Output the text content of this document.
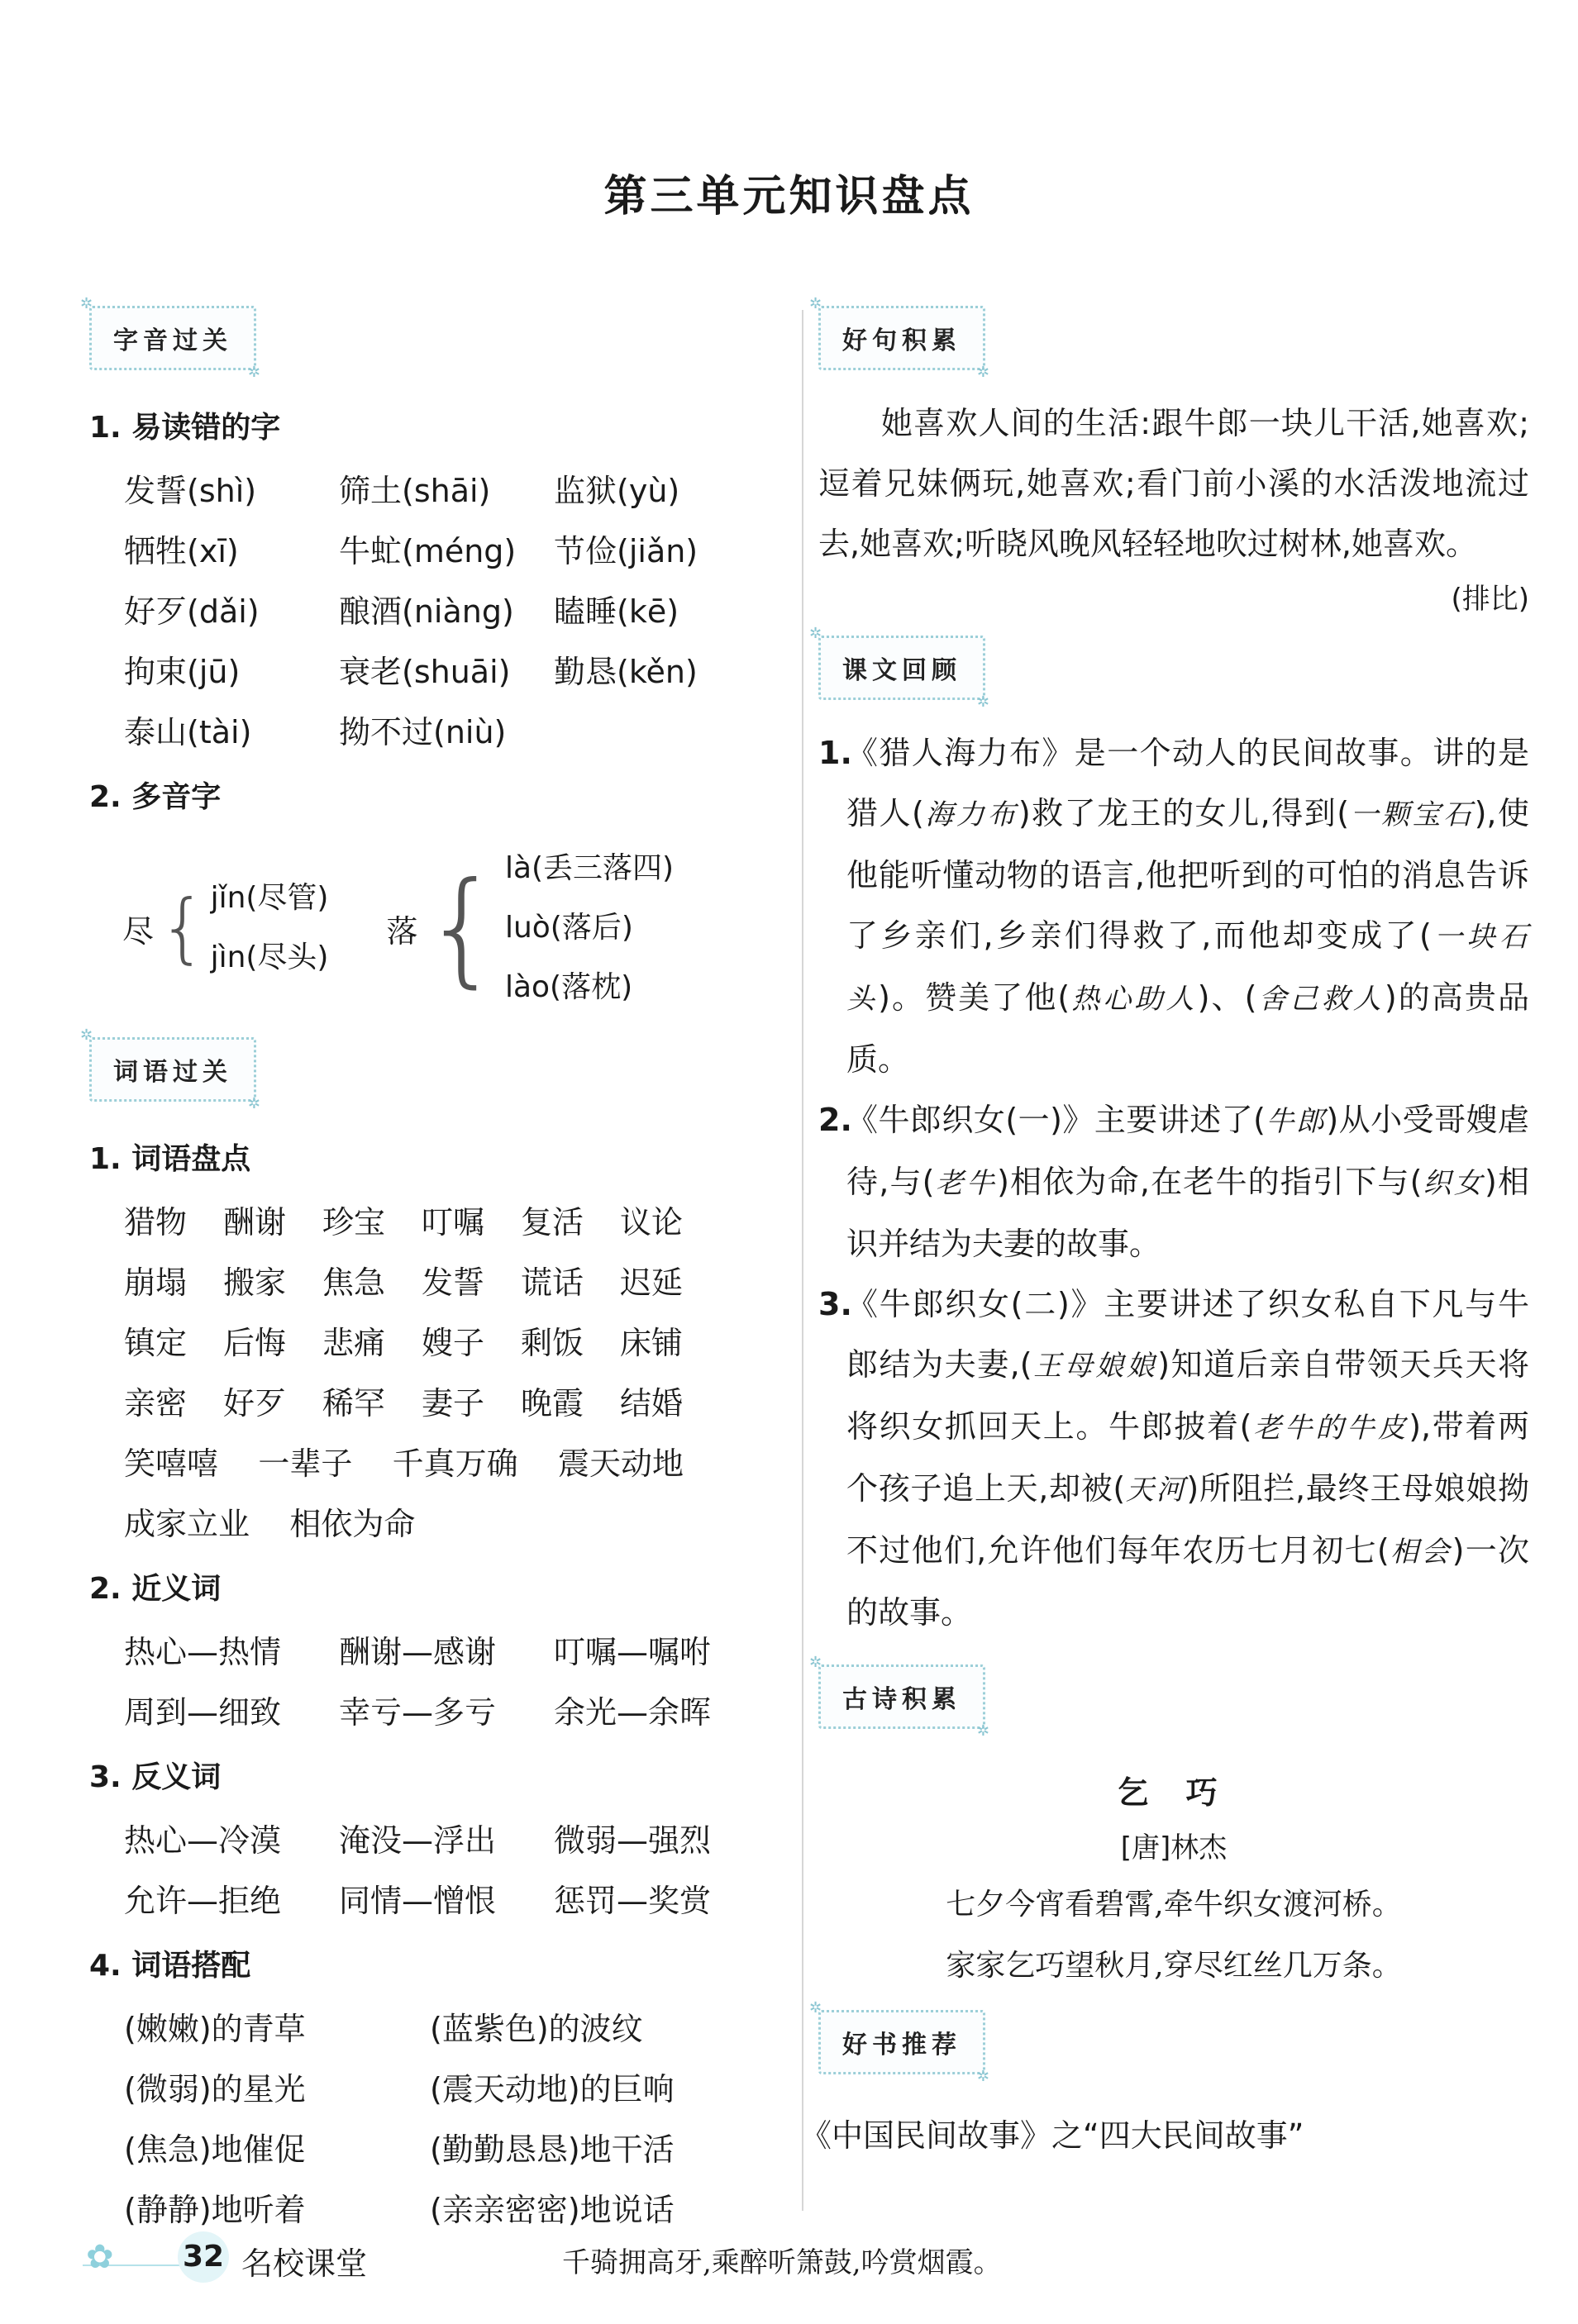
第三单元知识盘点
✲ 字音过关 ✲
1. 易读错的字
发誓(shì)	筛土(shāi)	监狱(yù)
牺牲(xī)	牛虻(méng)	节俭(jiǎn)
好歹(dǎi)	酿酒(niàng)	瞌睡(kē)
拘束(jū)	衰老(shuāi)	勤恳(kěn)
泰山(tài)	拗不过(niù)
2. 多音字
尽 { jǐn(尽管)
jìn(尽头)
落 { là(丢三落四)
luò(落后)
lào(落枕)
✲ 词语过关 ✲
1. 词语盘点
猎物	酬谢	珍宝	叮嘱	复活	议论
崩塌	搬家	焦急	发誓	谎话	迟延
镇定	后悔	悲痛	嫂子	剩饭	床铺
亲密	好歹	稀罕	妻子	晚霞	结婚
笑嘻嘻    一辈子    千真万确    震天动地
成家立业    相依为命
2. 近义词
热心—热情	酬谢—感谢	叮嘱—嘱咐
周到—细致	幸亏—多亏	余光—余晖
3. 反义词
热心—冷漠	淹没—浮出	微弱—强烈
允许—拒绝	同情—憎恨	惩罚—奖赏
4. 词语搭配
(嫩嫩)的青草	(蓝紫色)的波纹
(微弱)的星光	(震天动地)的巨响
(焦急)地催促	(勤勤恳恳)地干活
(静静)地听着	(亲亲密密)地说话
✲ 好句积累 ✲
她喜欢人间的生活:跟牛郎一块儿干活,她喜欢;逗着兄妹俩玩,她喜欢;看门前小溪的水活泼地流过去,她喜欢;听晓风晚风轻轻地吹过树林,她喜欢。
(排比)
✲ 课文回顾 ✲
1.
《猎人海力布》是一个动人的民间故事。讲的是猎人(海力布)救了龙王的女儿,得到(一颗宝石),使他能听懂动物的语言,他把听到的可怕的消息告诉了乡亲们,乡亲们得救了,而他却变成了(一块石头)。赞美了他(热心助人)、(舍己救人)的高贵品质。
2.
《牛郎织女(一)》主要讲述了(牛郎)从小受哥嫂虐待,与(老牛)相依为命,在老牛的指引下与(织女)相识并结为夫妻的故事。
3.
《牛郎织女(二)》主要讲述了织女私自下凡与牛郎结为夫妻,(王母娘娘)知道后亲自带领天兵天将将织女抓回天上。牛郎披着(老牛的牛皮),带着两个孩子追上天,却被(天河)所阻拦,最终王母娘娘拗不过他们,允许他们每年农历七月初七(相会)一次的故事。
✲ 古诗积累 ✲
乞 巧
[唐]林杰
七夕今宵看碧霄,牵牛织女渡河桥。
家家乞巧望秋月,穿尽红丝几万条。
✲ 好书推荐 ✲
《中国民间故事》之“四大民间故事”
✿ 32 名校课堂	千骑拥高牙,乘醉听箫鼓,吟赏烟霞。
